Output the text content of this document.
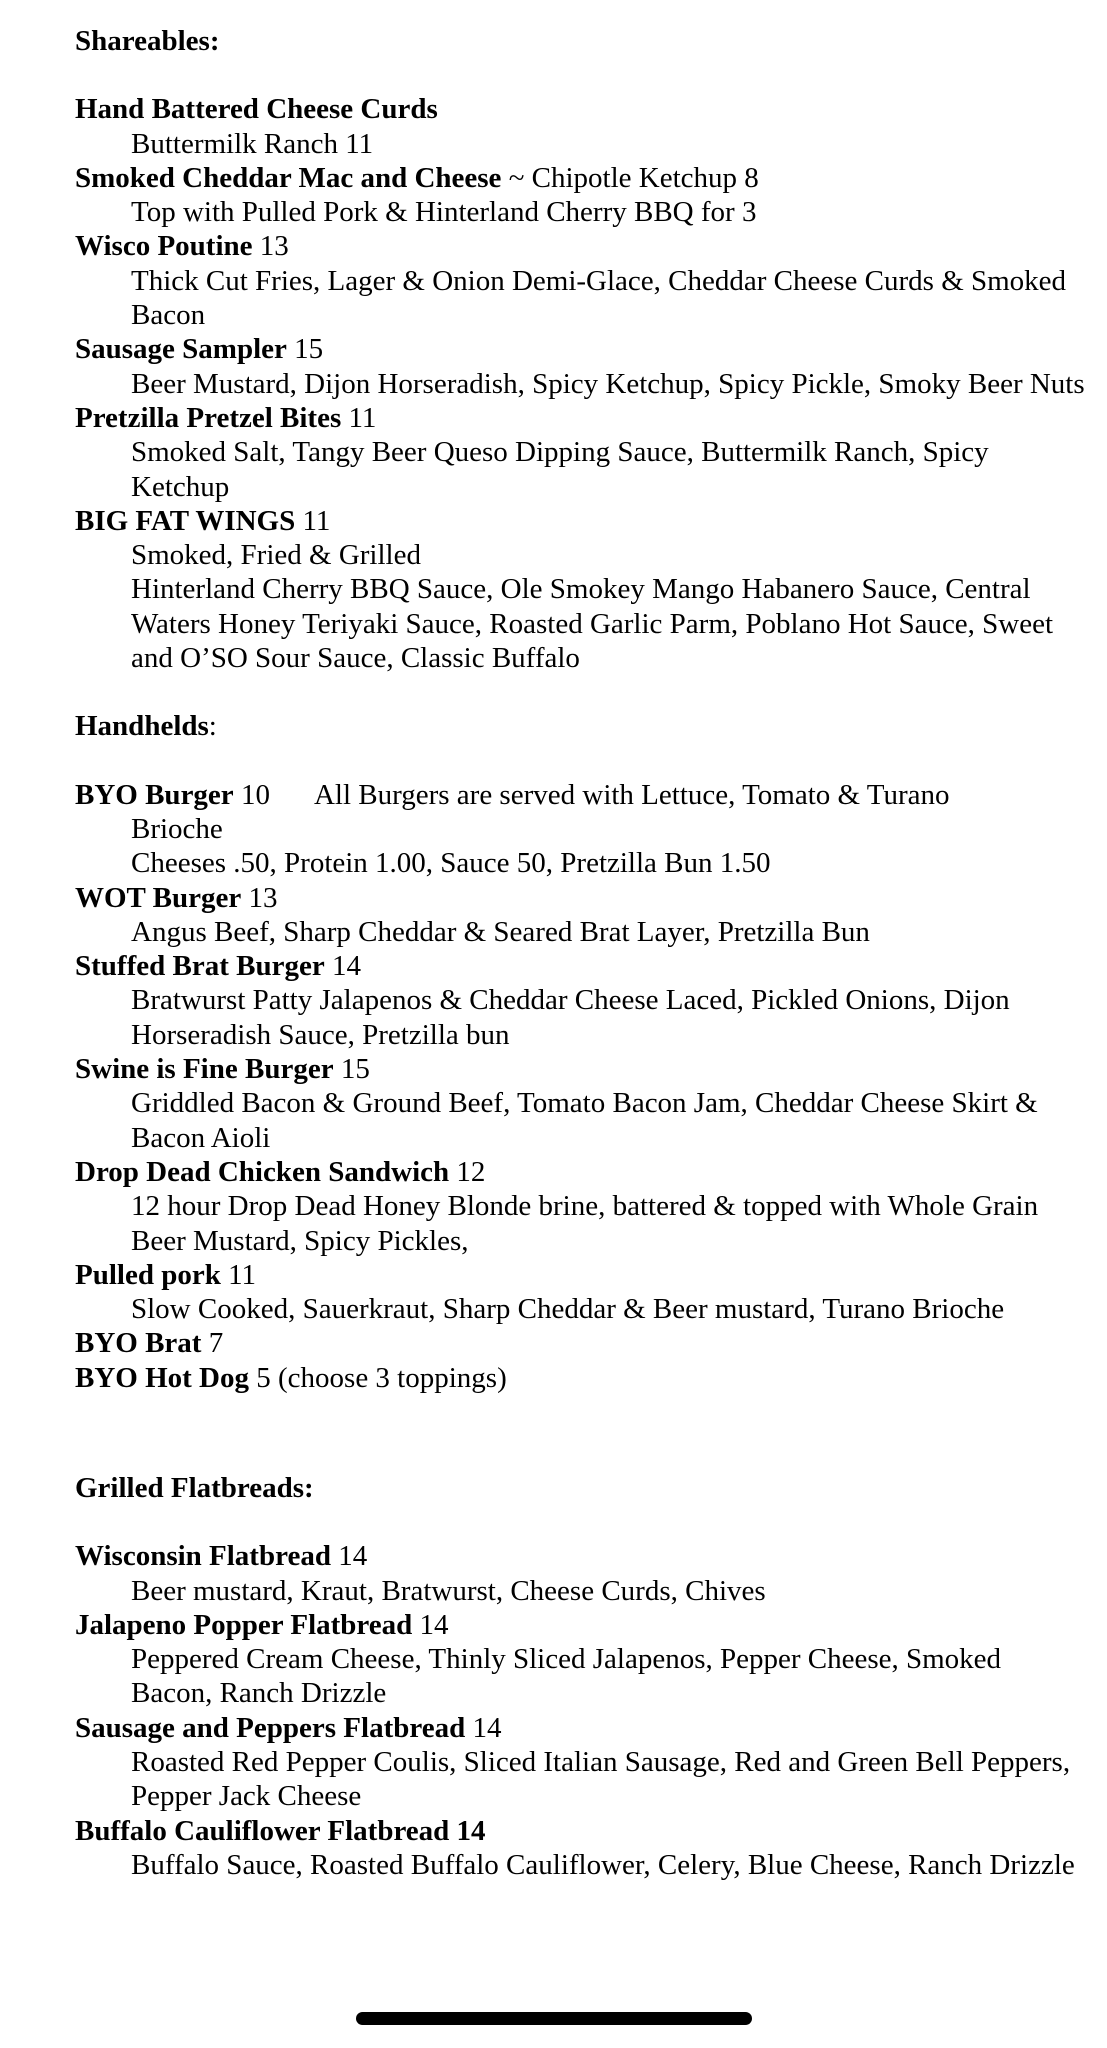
Shareables:

Hand Battered Cheese Curds

Buttermilk Ranch 11

Smoked Cheddar Mac and Cheese ~ Chipotle Ketchup 8

Top with Pulled Pork & Hinterland Cherry BBQ for 3

Wisco Poutine 13

Thick Cut Fries, Lager & Onion Demi-Glace, Cheddar Cheese Curds & Smoked Bacon

Sausage Sampler 15

Beer Mustard, Dijon Horseradish, Spicy Ketchup, Spicy Pickle, Smoky Beer Nuts

Pretzilla Pretzel Bites 11

Smoked Salt, Tangy Beer Queso Dipping Sauce, Buttermilk Ranch, Spicy Ketchup

BIG FAT WINGS 11

Smoked, Fried & Grilled

Hinterland Cherry BBQ Sauce, Ole Smokey Mango Habanero Sauce, Central Waters Honey Teriyaki Sauce, Roasted Garlic Parm, Poblano Hot Sauce, Sweet and O’SO Sour Sauce, Classic Buffalo

Handhelds:

BYO Burger 10 All Burgers are served with Lettuce, Tomato & Turano

Brioche

Cheeses .50, Protein 1.00, Sauce 50, Pretzilla Bun 1.50

WOT Burger 13

Angus Beef, Sharp Cheddar & Seared Brat Layer, Pretzilla Bun

Stuffed Brat Burger 14

Bratwurst Patty Jalapenos & Cheddar Cheese Laced, Pickled Onions, Dijon Horseradish Sauce, Pretzilla bun

Swine is Fine Burger 15

Griddled Bacon & Ground Beef, Tomato Bacon Jam, Cheddar Cheese Skirt & Bacon Aioli

Drop Dead Chicken Sandwich 12

12 hour Drop Dead Honey Blonde brine, battered & topped with Whole Grain Beer Mustard, Spicy Pickles,

Pulled pork 11

Slow Cooked, Sauerkraut, Sharp Cheddar & Beer mustard, Turano Brioche

BYO Brat 7

BYO Hot Dog 5 (choose 3 toppings)

Grilled Flatbreads:

Wisconsin Flatbread 14

Beer mustard, Kraut, Bratwurst, Cheese Curds, Chives

Jalapeno Popper Flatbread 14

Peppered Cream Cheese, Thinly Sliced Jalapenos, Pepper Cheese, Smoked Bacon, Ranch Drizzle

Sausage and Peppers Flatbread 14

Roasted Red Pepper Coulis, Sliced Italian Sausage, Red and Green Bell Peppers, Pepper Jack Cheese

Buffalo Cauliflower Flatbread 14

Buffalo Sauce, Roasted Buffalo Cauliflower, Celery, Blue Cheese, Ranch Drizzle
